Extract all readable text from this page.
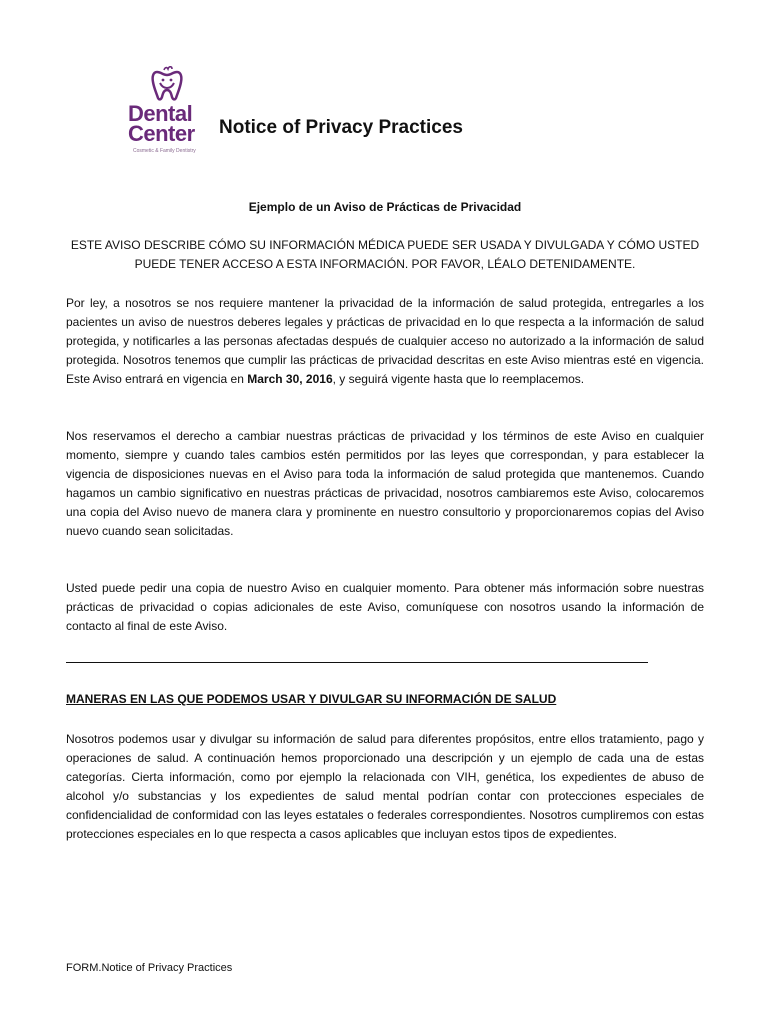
Dental
Center
Cosmetic & Family Dentistry
Notice of Privacy Practices
Ejemplo de un Aviso de Prácticas de Privacidad
ESTE AVISO DESCRIBE CÓMO SU INFORMACIÓN MÉDICA PUEDE SER USADA Y DIVULGADA Y CÓMO USTED PUEDE TENER ACCESO A ESTA INFORMACIÓN. POR FAVOR, LÉALO DETENIDAMENTE.

Por ley, a nosotros se nos requiere mantener la privacidad de la información de salud protegida, entregarles a los pacientes un aviso de nuestros deberes legales y prácticas de privacidad en lo que respecta a la información de salud protegida, y notificarles a las personas afectadas después de cualquier acceso no autorizado a la información de salud protegida. Nosotros tenemos que cumplir las prácticas de privacidad descritas en este Aviso mientras esté en vigencia. Este Aviso entrará en vigencia en March 30, 2016, y seguirá vigente hasta que lo reemplacemos.

Nos reservamos el derecho a cambiar nuestras prácticas de privacidad y los términos de este Aviso en cualquier momento, siempre y cuando tales cambios estén permitidos por las leyes que correspondan, y para establecer la vigencia de disposiciones nuevas en el Aviso para toda la información de salud protegida que mantenemos. Cuando hagamos un cambio significativo en nuestras prácticas de privacidad, nosotros cambiaremos este Aviso, colocaremos una copia del Aviso nuevo de manera clara y prominente en nuestro consultorio y proporcionaremos copias del Aviso nuevo cuando sean solicitadas.

Usted puede pedir una copia de nuestro Aviso en cualquier momento. Para obtener más información sobre nuestras prácticas de privacidad o copias adicionales de este Aviso, comuníquese con nosotros usando la información de contacto al final de este Aviso.

MANERAS EN LAS QUE PODEMOS USAR Y DIVULGAR SU INFORMACIÓN DE SALUD

Nosotros podemos usar y divulgar su información de salud para diferentes propósitos, entre ellos tratamiento, pago y operaciones de salud. A continuación hemos proporcionado una descripción y un ejemplo de cada una de estas categorías. Cierta información, como por ejemplo la relacionada con VIH, genética, los expedientes de abuso de alcohol y/o substancias y los expedientes de salud mental podrían contar con protecciones especiales de confidencialidad de conformidad con las leyes estatales o federales correspondientes. Nosotros cumpliremos con estas protecciones especiales en lo que respecta a casos aplicables que incluyan estos tipos de expedientes.

FORM.Notice of Privacy Practices
